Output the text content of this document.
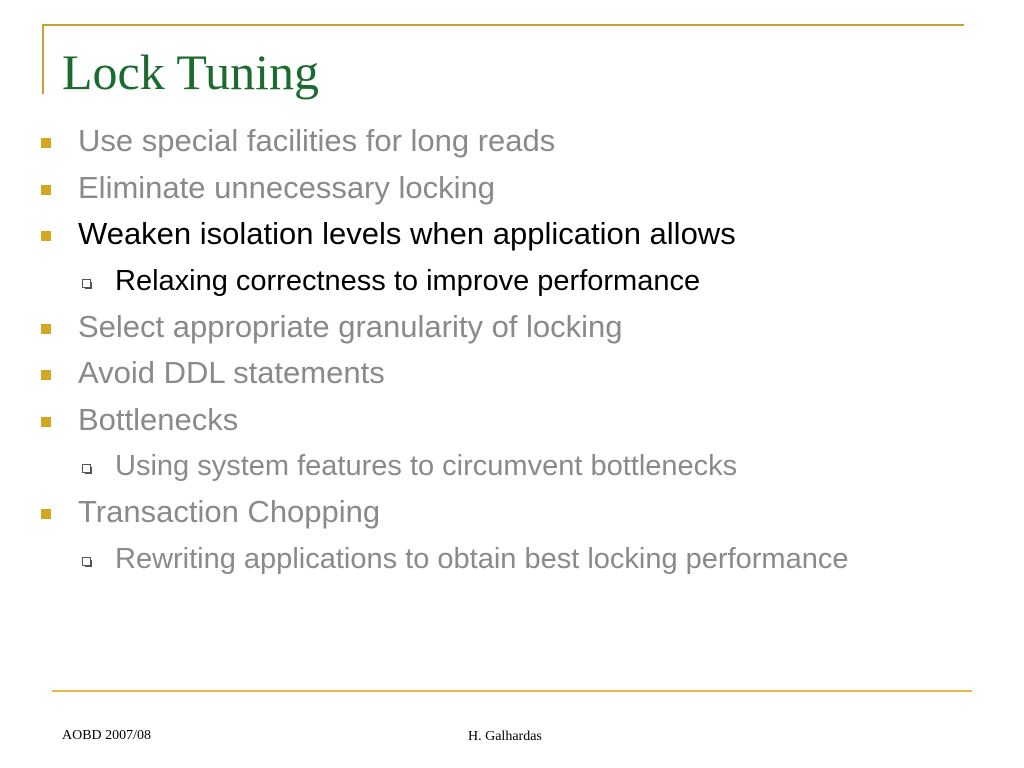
Lock Tuning
Use special facilities for long reads
Eliminate unnecessary locking
Weaken isolation levels when application allows
Relaxing correctness to improve performance
Select appropriate granularity of locking
Avoid DDL statements
Bottlenecks
Using system features to circumvent bottlenecks
Transaction Chopping
Rewriting applications to obtain best locking performance
AOBD 2007/08	H. Galhardas
